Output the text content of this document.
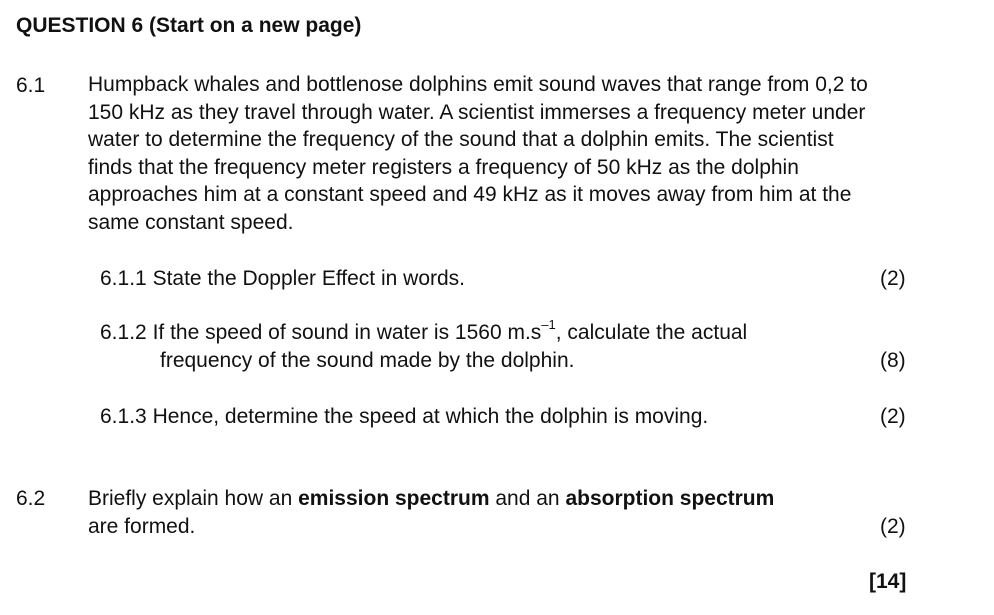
QUESTION 6 (Start on a new page)
6.1 Humpback whales and bottlenose dolphins emit sound waves that range from 0,2 to
150 kHz as they travel through water. A scientist immerses a frequency meter under
water to determine the frequency of the sound that a dolphin emits. The scientist
finds that the frequency meter registers a frequency of 50 kHz as the dolphin
approaches him at a constant speed and 49 kHz as it moves away from him at the
same constant speed.
6.1.1 State the Doppler Effect in words.	(2)
6.1.2 If the speed of sound in water is 1560 $m.s^{-1}$, calculate the actual
frequency of the sound made by the dolphin.	(8)
6.1.3 Hence, determine the speed at which the dolphin is moving.	(2)
6.2 Briefly explain how an emission spectrum and an absorption spectrum
are formed.	(2)
[14]
